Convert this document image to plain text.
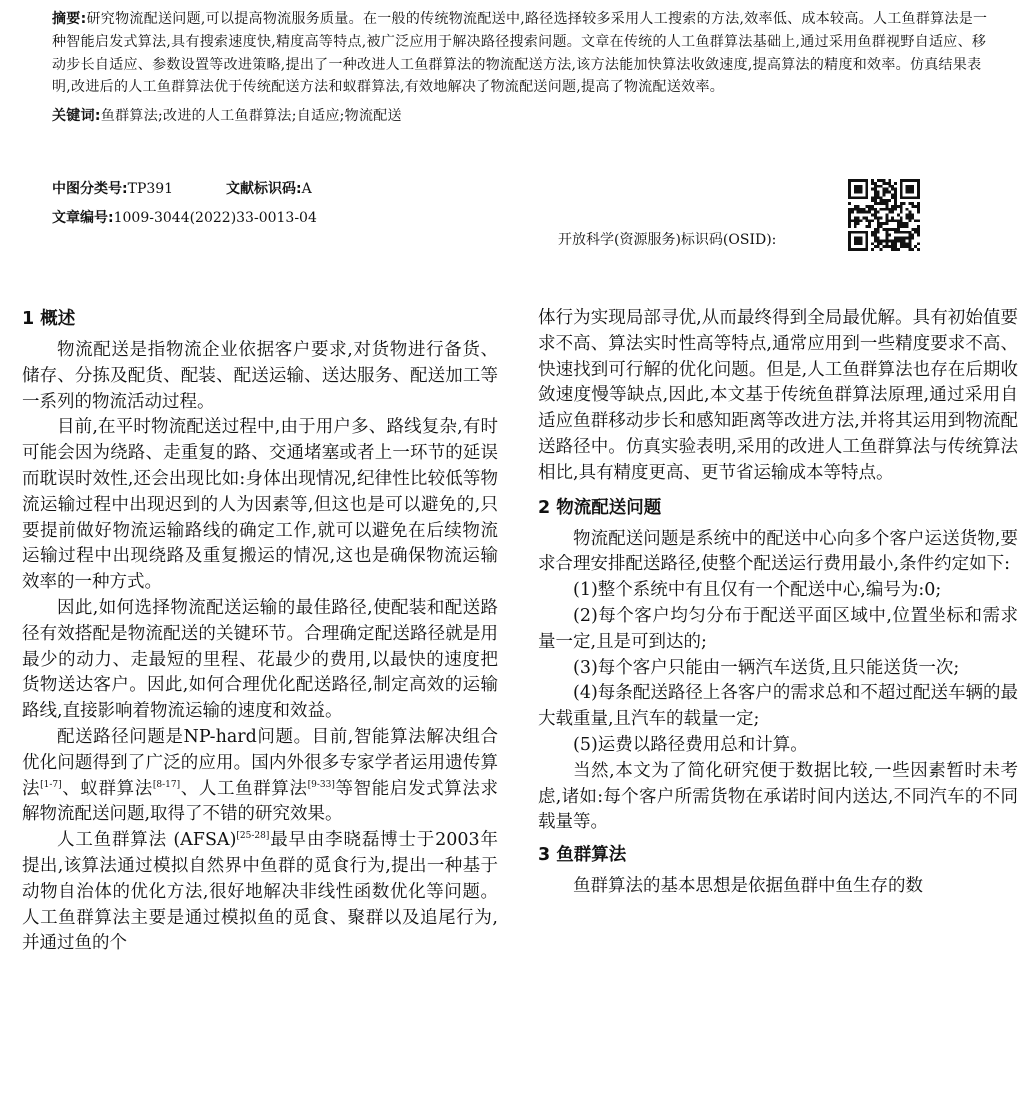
摘要:研究物流配送问题,可以提高物流服务质量。在一般的传统物流配送中,路径选择较多采用人工搜索的方法,效率低、成本较高。人工鱼群算法是一种智能启发式算法,具有搜索速度快,精度高等特点,被广泛应用于解决路径搜索问题。文章在传统的人工鱼群算法基础上,通过采用鱼群视野自适应、移动步长自适应、参数设置等改进策略,提出了一种改进人工鱼群算法的物流配送方法,该方法能加快算法收敛速度,提高算法的精度和效率。仿真结果表明,改进后的人工鱼群算法优于传统配送方法和蚁群算法,有效地解决了物流配送问题,提高了物流配送效率。

关键词:鱼群算法;改进的人工鱼群算法;自适应;物流配送

中图分类号:TP391	文献标识码:A
文章编号:1009-3044(2022)33-0013-04
开放科学(资源服务)标识码(OSID):
1 概述

物流配送是指物流企业依据客户要求,对货物进行备货、储存、分拣及配货、配装、配送运输、送达服务、配送加工等一系列的物流活动过程。

目前,在平时物流配送过程中,由于用户多、路线复杂,有时可能会因为绕路、走重复的路、交通堵塞或者上一环节的延误而耽误时效性,还会出现比如:身体出现情况,纪律性比较低等物流运输过程中出现迟到的人为因素等,但这也是可以避免的,只要提前做好物流运输路线的确定工作,就可以避免在后续物流运输过程中出现绕路及重复搬运的情况,这也是确保物流运输效率的一种方式。

因此,如何选择物流配送运输的最佳路径,使配装和配送路径有效搭配是物流配送的关键环节。合理确定配送路径就是用最少的动力、走最短的里程、花最少的费用,以最快的速度把货物送达客户。因此,如何合理优化配送路径,制定高效的运输路线,直接影响着物流运输的速度和效益。

配送路径问题是NP-hard问题。目前,智能算法解决组合优化问题得到了广泛的应用。国内外很多专家学者运用遗传算法[1-7]、蚁群算法[8-17]、人工鱼群算法[9-33]等智能启发式算法求解物流配送问题,取得了不错的研究效果。

人工鱼群算法 (AFSA)[25-28]最早由李晓磊博士于2003年提出,该算法通过模拟自然界中鱼群的觅食行为,提出一种基于动物自治体的优化方法,很好地解决非线性函数优化等问题。人工鱼群算法主要是通过模拟鱼的觅食、聚群以及追尾行为,并通过鱼的个

体行为实现局部寻优,从而最终得到全局最优解。具有初始值要求不高、算法实时性高等特点,通常应用到一些精度要求不高、快速找到可行解的优化问题。但是,人工鱼群算法也存在后期收敛速度慢等缺点,因此,本文基于传统鱼群算法原理,通过采用自适应鱼群移动步长和感知距离等改进方法,并将其运用到物流配送路径中。仿真实验表明,采用的改进人工鱼群算法与传统算法相比,具有精度更高、更节省运输成本等特点。

2 物流配送问题

物流配送问题是系统中的配送中心向多个客户运送货物,要求合理安排配送路径,使整个配送运行费用最小,条件约定如下:

(1)整个系统中有且仅有一个配送中心,编号为:0;

(2)每个客户均匀分布于配送平面区域中,位置坐标和需求量一定,且是可到达的;

(3)每个客户只能由一辆汽车送货,且只能送货一次;

(4)每条配送路径上各客户的需求总和不超过配送车辆的最大载重量,且汽车的载量一定;

(5)运费以路径费用总和计算。

当然,本文为了简化研究便于数据比较,一些因素暂时未考虑,诸如:每个客户所需货物在承诺时间内送达,不同汽车的不同载量等。

3 鱼群算法

鱼群算法的基本思想是依据鱼群中鱼生存的数
